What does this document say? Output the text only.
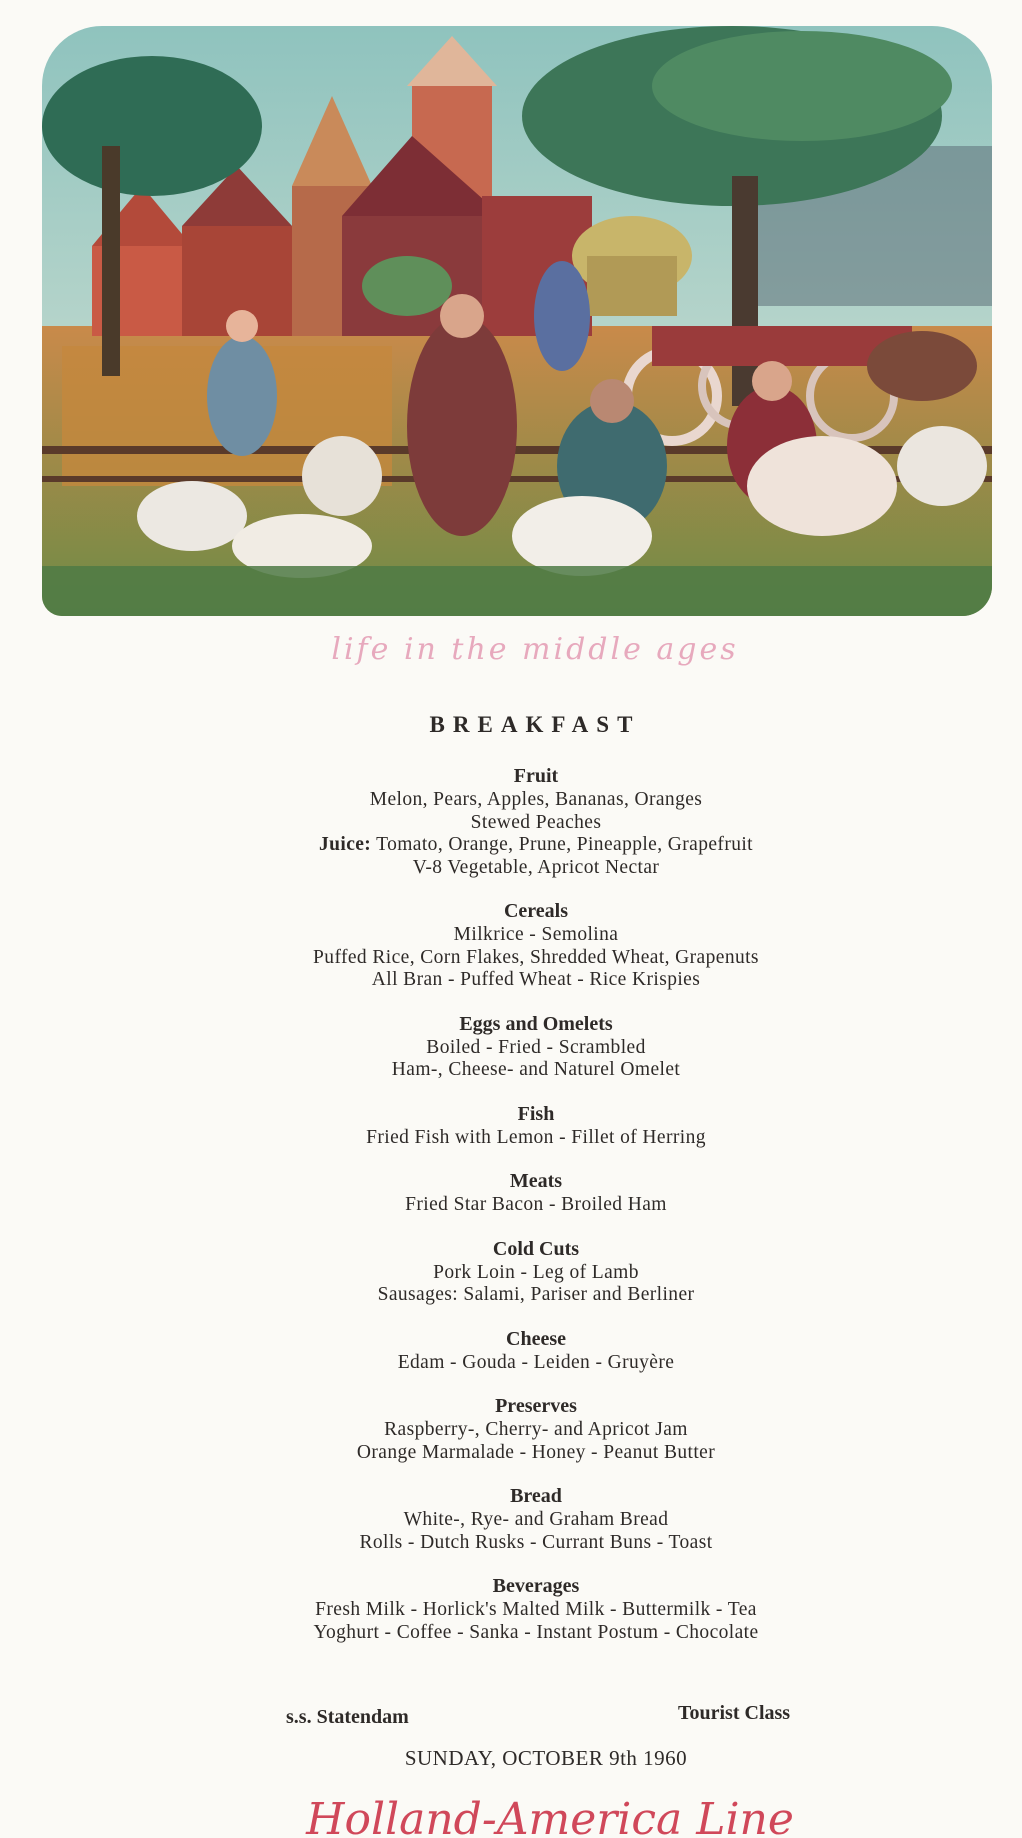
life in the middle ages
BREAKFAST
Fruit
Melon, Pears, Apples, Bananas, Oranges
Stewed Peaches
Juice: Tomato, Orange, Prune, Pineapple, Grapefruit
V-8 Vegetable, Apricot Nectar
Cereals
Milkrice - Semolina
Puffed Rice, Corn Flakes, Shredded Wheat, Grapenuts
All Bran - Puffed Wheat - Rice Krispies
Eggs and Omelets
Boiled - Fried - Scrambled
Ham-, Cheese- and Naturel Omelet
Fish
Fried Fish with Lemon - Fillet of Herring
Meats
Fried Star Bacon - Broiled Ham
Cold Cuts
Pork Loin - Leg of Lamb
Sausages: Salami, Pariser and Berliner
Cheese
Edam - Gouda - Leiden - Gruyère
Preserves
Raspberry-, Cherry- and Apricot Jam
Orange Marmalade - Honey - Peanut Butter
Bread
White-, Rye- and Graham Bread
Rolls - Dutch Rusks - Currant Buns - Toast
Beverages
Fresh Milk - Horlick's Malted Milk - Buttermilk - Tea
Yoghurt - Coffee - Sanka - Instant Postum - Chocolate
s.s. Statendam	Tourist Class
SUNDAY, OCTOBER 9th 1960
Holland-America Line
